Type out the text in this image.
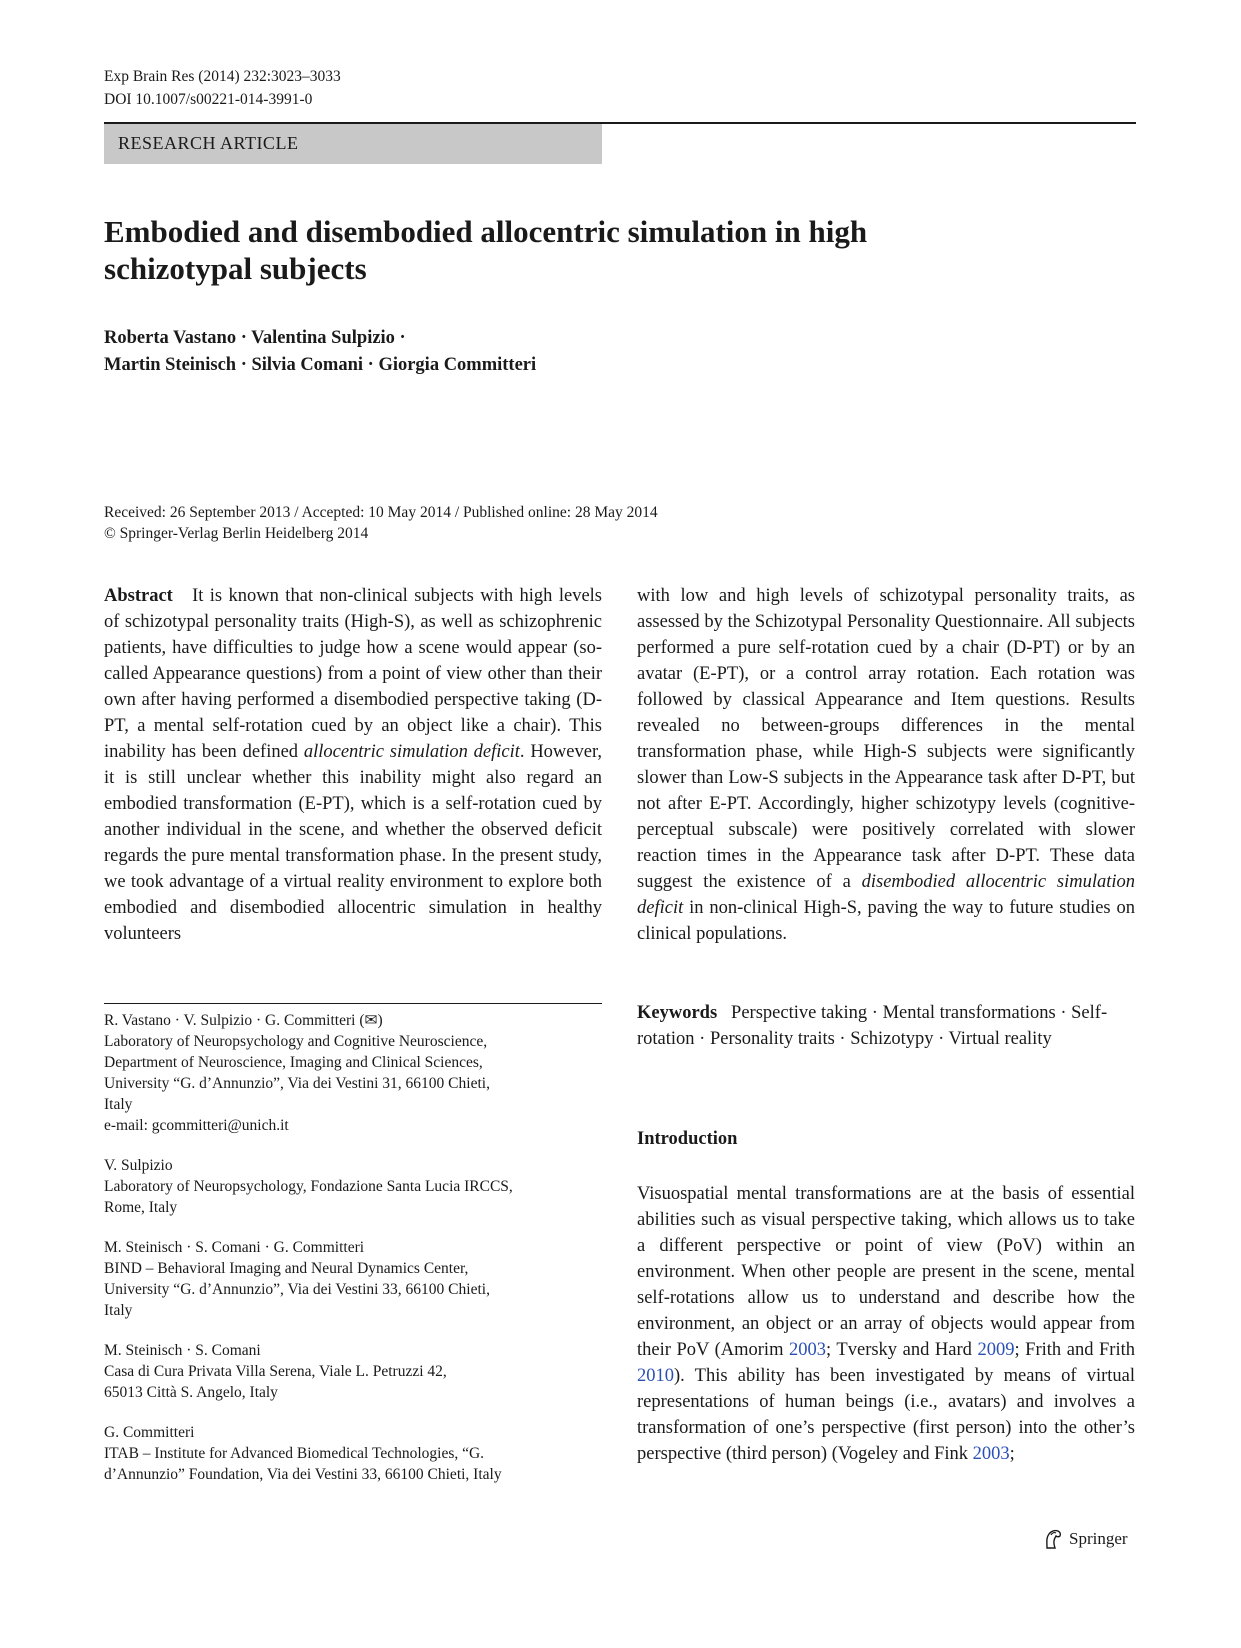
Exp Brain Res (2014) 232:3023–3033
DOI 10.1007/s00221-014-3991-0
RESEARCH ARTICLE
Embodied and disembodied allocentric simulation in high
schizotypal subjects
Roberta Vastano · Valentina Sulpizio ·
Martin Steinisch · Silvia Comani · Giorgia Committeri
Received: 26 September 2013 / Accepted: 10 May 2014 / Published online: 28 May 2014
© Springer-Verlag Berlin Heidelberg 2014
Abstract It is known that non-clinical subjects with high levels of schizotypal personality traits (High-S), as well as schizophrenic patients, have difficulties to judge how a scene would appear (so-called Appearance questions) from a point of view other than their own after having performed a disembodied perspective taking (D-PT, a mental self-rotation cued by an object like a chair). This inability has been defined allocentric simulation deficit. However, it is still unclear whether this inability might also regard an embodied transformation (E-PT), which is a self-rotation cued by another individual in the scene, and whether the observed deficit regards the pure mental transformation phase. In the present study, we took advantage of a virtual reality environment to explore both embodied and disembodied allocentric simulation in healthy volunteers
with low and high levels of schizotypal personality traits, as assessed by the Schizotypal Personality Questionnaire. All subjects performed a pure self-rotation cued by a chair (D-PT) or by an avatar (E-PT), or a control array rotation. Each rotation was followed by classical Appearance and Item questions. Results revealed no between-groups differences in the mental transformation phase, while High-S subjects were significantly slower than Low-S subjects in the Appearance task after D-PT, but not after E-PT. Accordingly, higher schizotypy levels (cognitive-perceptual subscale) were positively correlated with slower reaction times in the Appearance task after D-PT. These data suggest the existence of a disembodied allocentric simulation deficit in non-clinical High-S, paving the way to future studies on clinical populations.
R. Vastano · V. Sulpizio · G. Committeri (✉)
Laboratory of Neuropsychology and Cognitive Neuroscience,
Department of Neuroscience, Imaging and Clinical Sciences,
University “G. d’Annunzio”, Via dei Vestini 31, 66100 Chieti,
Italy
e-mail: gcommitteri@unich.it
V. Sulpizio
Laboratory of Neuropsychology, Fondazione Santa Lucia IRCCS,
Rome, Italy
M. Steinisch · S. Comani · G. Committeri
BIND – Behavioral Imaging and Neural Dynamics Center,
University “G. d’Annunzio”, Via dei Vestini 33, 66100 Chieti,
Italy
M. Steinisch · S. Comani
Casa di Cura Privata Villa Serena, Viale L. Petruzzi 42,
65013 Città S. Angelo, Italy
G. Committeri
ITAB – Institute for Advanced Biomedical Technologies, “G.
d’Annunzio” Foundation, Via dei Vestini 33, 66100 Chieti, Italy
Keywords Perspective taking · Mental transformations · Self-rotation · Personality traits · Schizotypy · Virtual reality
Introduction
Visuospatial mental transformations are at the basis of essential abilities such as visual perspective taking, which allows us to take a different perspective or point of view (PoV) within an environment. When other people are present in the scene, mental self-rotations allow us to understand and describe how the environment, an object or an array of objects would appear from their PoV (Amorim 2003; Tversky and Hard 2009; Frith and Frith 2010). This ability has been investigated by means of virtual representations of human beings (i.e., avatars) and involves a transformation of one’s perspective (first person) into the other’s perspective (third person) (Vogeley and Fink 2003;
Springer
